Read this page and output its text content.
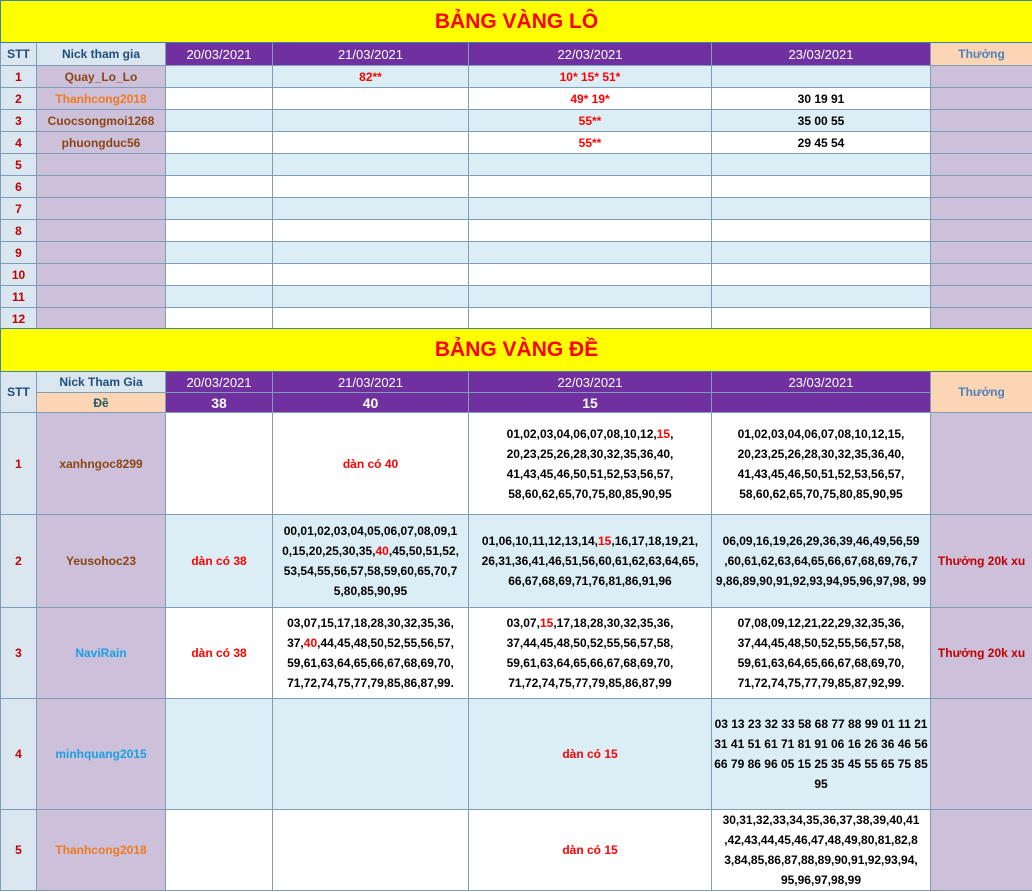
BẢNG VÀNG LÔ						
STT	Nick tham gia	20/03/2021	21/03/2021	22/03/2021	23/03/2021	Thưởng
1	Quay_Lo_Lo		82**	10* 15* 51*		
2	Thanhcong2018			49* 19*	30 19 91	
3	Cuocsongmoi1268			55**	35 00 55	
4	phuongduc56			55**	29 45 54	
5						
6						
7						
8						
9						
10						
11						
12						
BẢNG VÀNG ĐỀ						
STT	Nick Tham Gia	20/03/2021	21/03/2021	22/03/2021	23/03/2021	Thưởng
	Đề	38	40	15		
1	xanhngoc8299		dàn có 40	01,02,03,04,06,07,08,10,12,15, 20,23,25,26,28,30,32,35,36,40, 41,43,45,46,50,51,52,53,56,57, 58,60,62,65,70,75,80,85,90,95	01,02,03,04,06,07,08,10,12,15, 20,23,25,26,28,30,32,35,36,40, 41,43,45,46,50,51,52,53,56,57, 58,60,62,65,70,75,80,85,90,95	
2	Yeusohoc23	dàn có 38	00,01,02,03,04,05,06,07,08,09,1 0,15,20,25,30,35,40,45,50,51,52, 53,54,55,56,57,58,59,60,65,70,7 5,80,85,90,95	01,06,10,11,12,13,14,15,16,17,18,19,21, 26,31,36,41,46,51,56,60,61,62,63,64,65, 66,67,68,69,71,76,81,86,91,96	06,09,16,19,26,29,36,39,46,49,56,59 ,60,61,62,63,64,65,66,67,68,69,76,7 9,86,89,90,91,92,93,94,95,96,97,98, 99	Thưởng 20k xu
3	NaviRain	dàn có 38	03,07,15,17,18,28,30,32,35,36, 37,40,44,45,48,50,52,55,56,57, 59,61,63,64,65,66,67,68,69,70, 71,72,74,75,77,79,85,86,87,99.	03,07,15,17,18,28,30,32,35,36, 37,44,45,48,50,52,55,56,57,58, 59,61,63,64,65,66,67,68,69,70, 71,72,74,75,77,79,85,86,87,99	07,08,09,12,21,22,29,32,35,36, 37,44,45,48,50,52,55,56,57,58, 59,61,63,64,65,66,67,68,69,70, 71,72,74,75,77,79,85,87,92,99.	Thưởng 20k xu
4	minhquang2015			dàn có 15	03 13 23 32 33 58 68 77 88 99 01 11 21 31 41 51 61 71 81 91 06 16 26 36 46 56 66 79 86 96 05 15 25 35 45 55 65 75 85 95	
5	Thanhcong2018			dàn có 15	30,31,32,33,34,35,36,37,38,39,40,41 ,42,43,44,45,46,47,48,49,80,81,82,8 3,84,85,86,87,88,89,90,91,92,93,94, 95,96,97,98,99	
